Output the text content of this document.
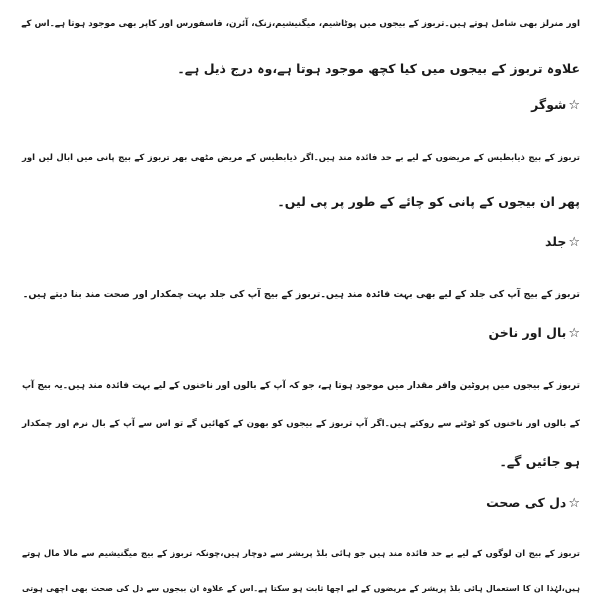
اور منرلز بھی شامل ہوتے ہیں۔تربوز کے بیجوں میں پوٹاشیم، میگنیشیم،زنک، آئرن، فاسفورس اور کاپر بھی موجود ہوتا ہے۔اس کے
علاوہ تربوز کے بیجوں میں کیا کچھ موجود ہوتا ہے،وہ درج ذیل ہے۔
☆شوگر
تربوز کے بیج ذیابطیس کے مریضوں کے لیے بے حد فائدہ مند ہیں۔اگر ذیابطیس کے مریض مٹھی بھر تربوز کے بیج پانی میں ابال لیں اور
پھر ان بیجوں کے پانی کو چائے کے طور پر پی لیں۔
☆جلد
تربوز کے بیج آپ کی جلد کے لیے بھی بہت فائدہ مند ہیں۔تربوز کے بیج آپ کی جلد بہت چمکدار اور صحت مند بنا دیتے ہیں۔
☆بال اور ناخن
تربوز کے بیجوں میں پروٹین وافر مقدار میں موجود ہوتا ہے، جو کہ آپ کے بالوں اور ناخنوں کے لیے بہت فائدہ مند ہیں۔یہ بیج آپ
کے بالوں اور ناخنوں کو ٹوٹنے سے روکتے ہیں۔اگر آپ تربوز کے بیجوں کو بھون کے کھائیں گے تو اس سے آپ کے بال نرم اور چمکدار
ہو جائیں گے۔
☆دل کی صحت
تربوز کے بیج ان لوگوں کے لیے بے حد فائدہ مند ہیں جو ہائی بلڈ پریشر سے دوچار ہیں،چونکہ تربوز کے بیج میگنیشیم سے مالا مال ہوتے
ہیں،لہٰذا ان کا استعمال ہائی بلڈ پریشر کے مریضوں کے لیے اچھا ثابت ہو سکتا ہے۔اس کے علاوہ ان بیجوں سے دل کی صحت بھی اچھی ہوتی
